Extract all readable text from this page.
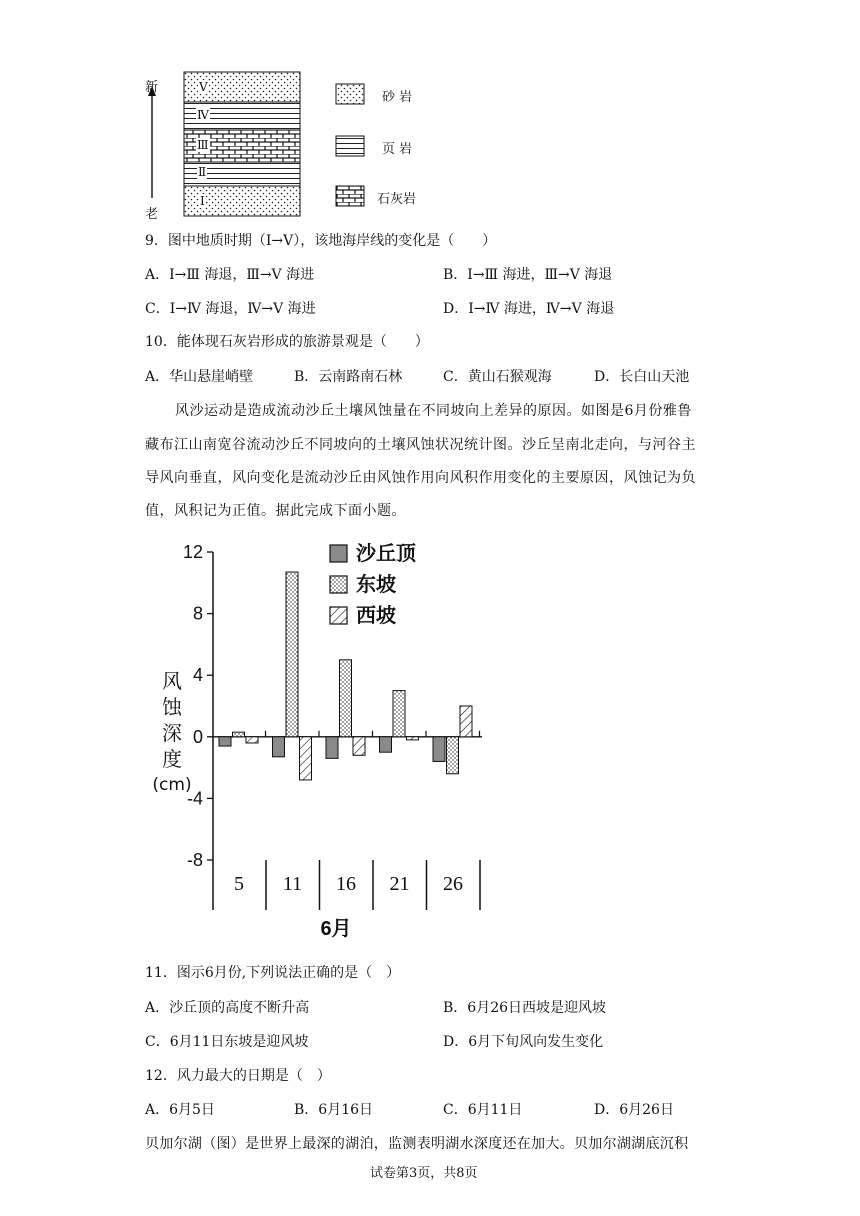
新
老
Ⅴ
Ⅳ
Ⅲ
Ⅱ
Ⅰ
砂 岩
页 岩
石灰岩
9．图中地质时期（Ⅰ→Ⅴ），该地海岸线的变化是（　　）
A．Ⅰ→Ⅲ 海退，Ⅲ→Ⅴ 海进	B．Ⅰ→Ⅲ 海进，Ⅲ→Ⅴ 海退
C．Ⅰ→Ⅳ 海退，Ⅳ→Ⅴ 海进	D．Ⅰ→Ⅳ 海进，Ⅳ→Ⅴ 海退
10．能体现石灰岩形成的旅游景观是（　　）
A．华山悬崖峭壁	B．云南路南石林	C．黄山石猴观海	D．长白山天池
风沙运动是造成流动沙丘土壤风蚀量在不同坡向上差异的原因。如图是6月份雅鲁
藏布江山南宽谷流动沙丘不同坡向的土壤风蚀状况统计图。沙丘呈南北走向，与河谷主
导风向垂直，风向变化是流动沙丘由风蚀作用向风积作用变化的主要原因，风蚀记为负
值，风积记为正值。据此完成下面小题。
12
8
4
0
-4
-8
5 11 16 21 26
6月
沙丘顶
东坡
西坡
风
蚀
深
度
(cm)
11．图示6月份,下列说法正确的是（　）
A．沙丘顶的高度不断升高	B．6月26日西坡是迎风坡
C．6月11日东坡是迎风坡	D．6月下旬风向发生变化
12．风力最大的日期是（　）
A．6月5日	B．6月16日	C．6月11日	D．6月26日
贝加尔湖（图）是世界上最深的湖泊，监测表明湖水深度还在加大。贝加尔湖湖底沉积
试卷第3页，共8页
